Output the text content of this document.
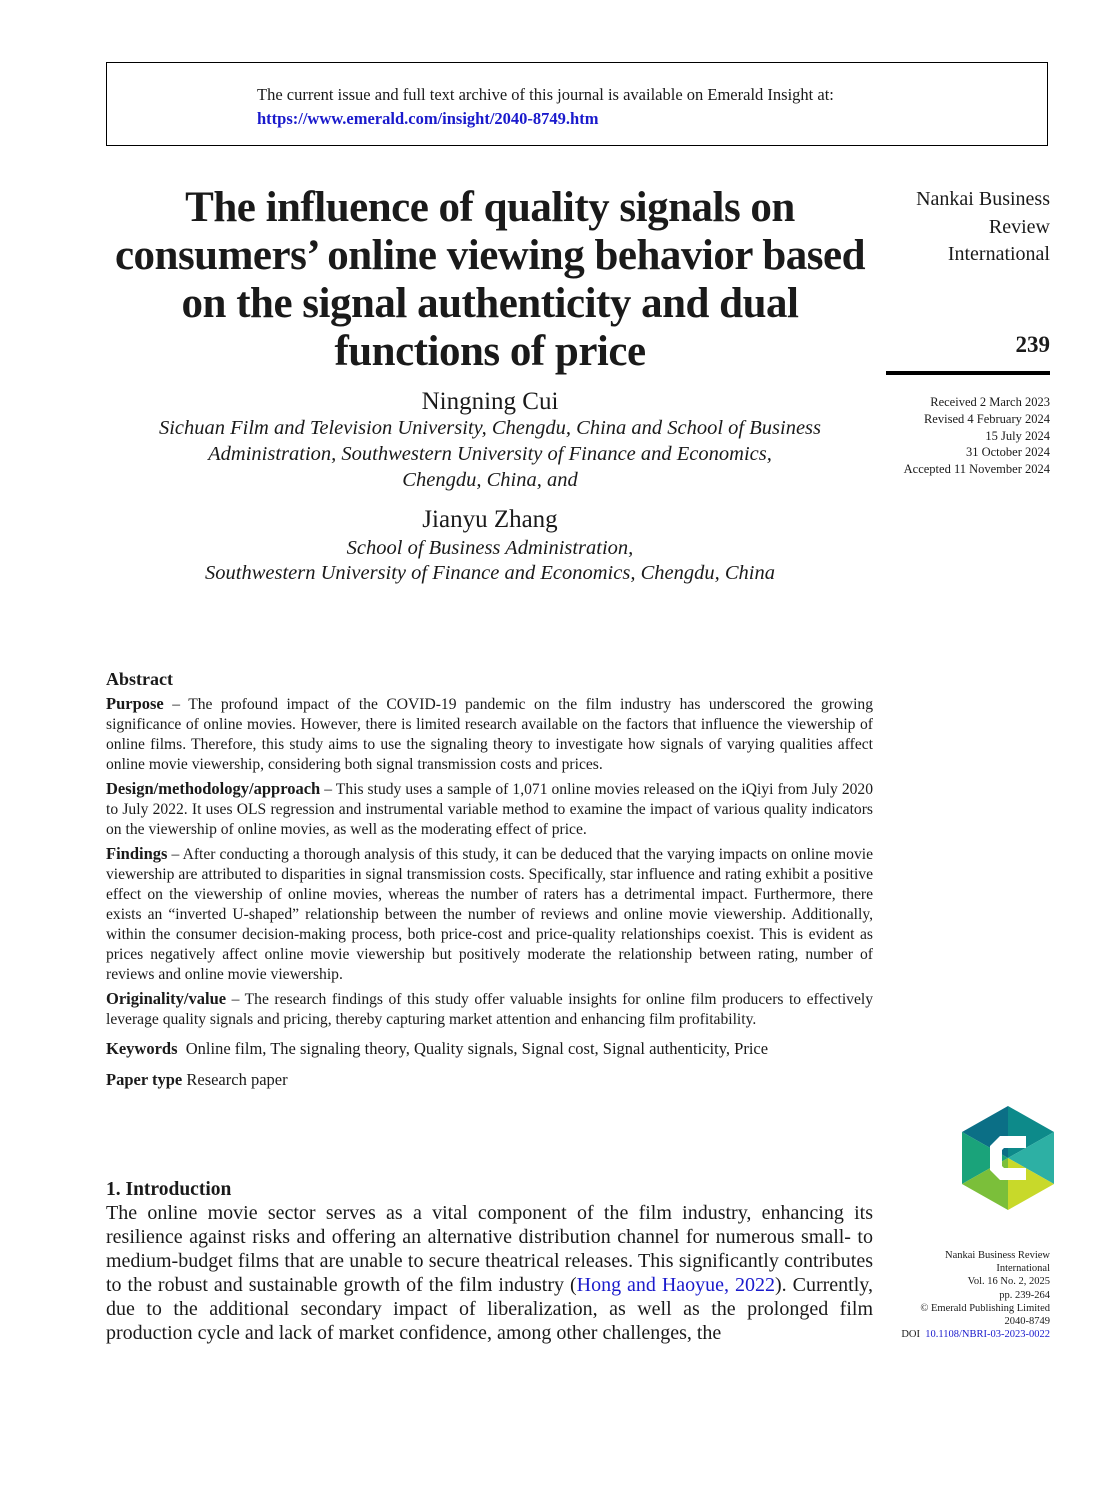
The current issue and full text archive of this journal is available on Emerald Insight at:
https://www.emerald.com/insight/2040-8749.htm
The influence of quality signals on consumers’ online viewing behavior based on the signal authenticity and dual functions of price

Ningning Cui

Sichuan Film and Television University, Chengdu, China and School of Business

Administration, Southwestern University of Finance and Economics,

Chengdu, China, and

Jianyu Zhang

School of Business Administration,

Southwestern University of Finance and Economics, Chengdu, China

Nankai Business
Review
International
239
Received 2 March 2023
Revised 4 February 2024
15 July 2024
31 October 2024
Accepted 11 November 2024
Abstract

Purpose – The profound impact of the COVID-19 pandemic on the film industry has underscored the growing significance of online movies. However, there is limited research available on the factors that influence the viewership of online films. Therefore, this study aims to use the signaling theory to investigate how signals of varying qualities affect online movie viewership, considering both signal transmission costs and prices.

Design/methodology/approach – This study uses a sample of 1,071 online movies released on the iQiyi from July 2020 to July 2022. It uses OLS regression and instrumental variable method to examine the impact of various quality indicators on the viewership of online movies, as well as the moderating effect of price.

Findings – After conducting a thorough analysis of this study, it can be deduced that the varying impacts on online movie viewership are attributed to disparities in signal transmission costs. Specifically, star influence and rating exhibit a positive effect on the viewership of online movies, whereas the number of raters has a detrimental impact. Furthermore, there exists an “inverted U-shaped” relationship between the number of reviews and online movie viewership. Additionally, within the consumer decision-making process, both price-cost and price-quality relationships coexist. This is evident as prices negatively affect online movie viewership but positively moderate the relationship between rating, number of reviews and online movie viewership.

Originality/value – The research findings of this study offer valuable insights for online film producers to effectively leverage quality signals and pricing, thereby capturing market attention and enhancing film profitability.

Keywords Online film, The signaling theory, Quality signals, Signal cost, Signal authenticity, Price

Paper type Research paper

1. Introduction

The online movie sector serves as a vital component of the film industry, enhancing its resilience against risks and offering an alternative distribution channel for numerous small- to medium-budget films that are unable to secure theatrical releases. This significantly contributes to the robust and sustainable growth of the film industry (Hong and Haoyue, 2022). Currently, due to the additional secondary impact of liberalization, as well as the prolonged film production cycle and lack of market confidence, among other challenges, the

Nankai Business Review
International
Vol. 16 No. 2, 2025
pp. 239-264
© Emerald Publishing Limited
2040-8749
DOI 10.1108/NBRI-03-2023-0022
